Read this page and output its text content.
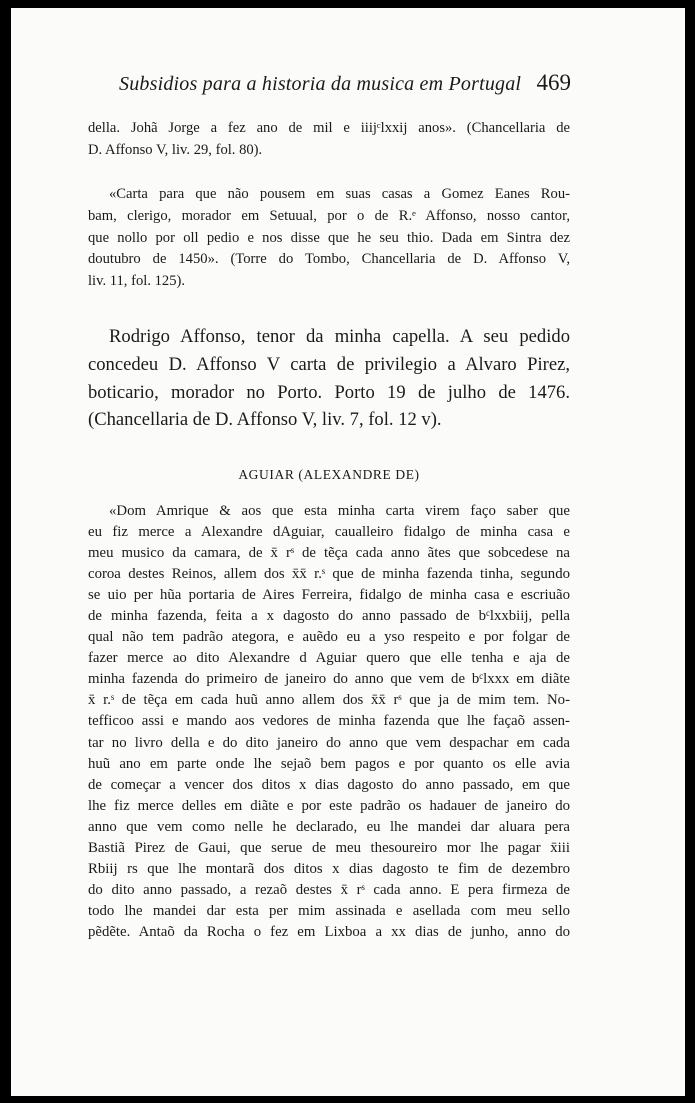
Subsidios para a historia da musica em Portugal 469
della. Johã Jorge a fez ano de mil e iiijᶜlxxij anos». (Chancellaria de
D. Affonso V, liv. 29, fol. 80).
«Carta para que não pousem em suas casas a Gomez Eanes Rou-
bam, clerigo, morador em Setuual, por o de R.ᵉ Affonso, nosso cantor,
que nollo por oll pedio e nos disse que he seu thio. Dada em Sintra dez
doutubro de 1450». (Torre do Tombo, Chancellaria de D. Affonso V,
liv. 11, fol. 125).
Rodrigo Affonso, tenor da minha capella. A seu pedido
concedeu D. Affonso V carta de privilegio a Alvaro Pirez,
boticario, morador no Porto. Porto 19 de julho de 1476.
(Chancellaria de D. Affonso V, liv. 7, fol. 12 v).
AGUIAR (ALEXANDRE DE)
«Dom Amrique & aos que esta minha carta virem faço saber que
eu fiz merce a Alexandre dAguiar, caualleiro fidalgo de minha casa e
meu musico da camara, de x̄ rˢ de tẽça cada anno ãtes que sobcedese na
coroa destes Reinos, allem dos x̄x̄ r.ˢ que de minha fazenda tinha, segundo
se uio per hũa portaria de Aires Ferreira, fidalgo de minha casa e escriuão
de minha fazenda, feita a x dagosto do anno passado de bᶜlxxbiij, pella
qual não tem padrão ategora, e auẽdo eu a yso respeito e por folgar de
fazer merce ao dito Alexandre d Aguiar quero que elle tenha e aja de
minha fazenda do primeiro de janeiro do anno que vem de bᶜlxxx em diãte
x̄ r.ˢ de tẽça em cada huũ anno allem dos x̄x̄ rˢ que ja de mim tem. No-
tefficoo assi e mando aos vedores de minha fazenda que lhe façaõ assen-
tar no livro della e do dito janeiro do anno que vem despachar em cada
huũ ano em parte onde lhe sejaõ bem pagos e por quanto os elle avia
de começar a vencer dos ditos x dias dagosto do anno passado, em que
lhe fiz merce delles em diãte e por este padrão os hadauer de janeiro do
anno que vem como nelle he declarado, eu lhe mandei dar aluara pera
Bastiã Pirez de Gaui, que serue de meu thesoureiro mor lhe pagar x̄iii
Rbiij rs que lhe montarã dos ditos x dias dagosto te fim de dezembro
do dito anno passado, a rezaõ destes x̄ rˢ cada anno. E pera firmeza de
todo lhe mandei dar esta per mim assinada e asellada com meu sello
pẽdẽte. Antaõ da Rocha o fez em Lixboa a xx dias de junho, anno do
